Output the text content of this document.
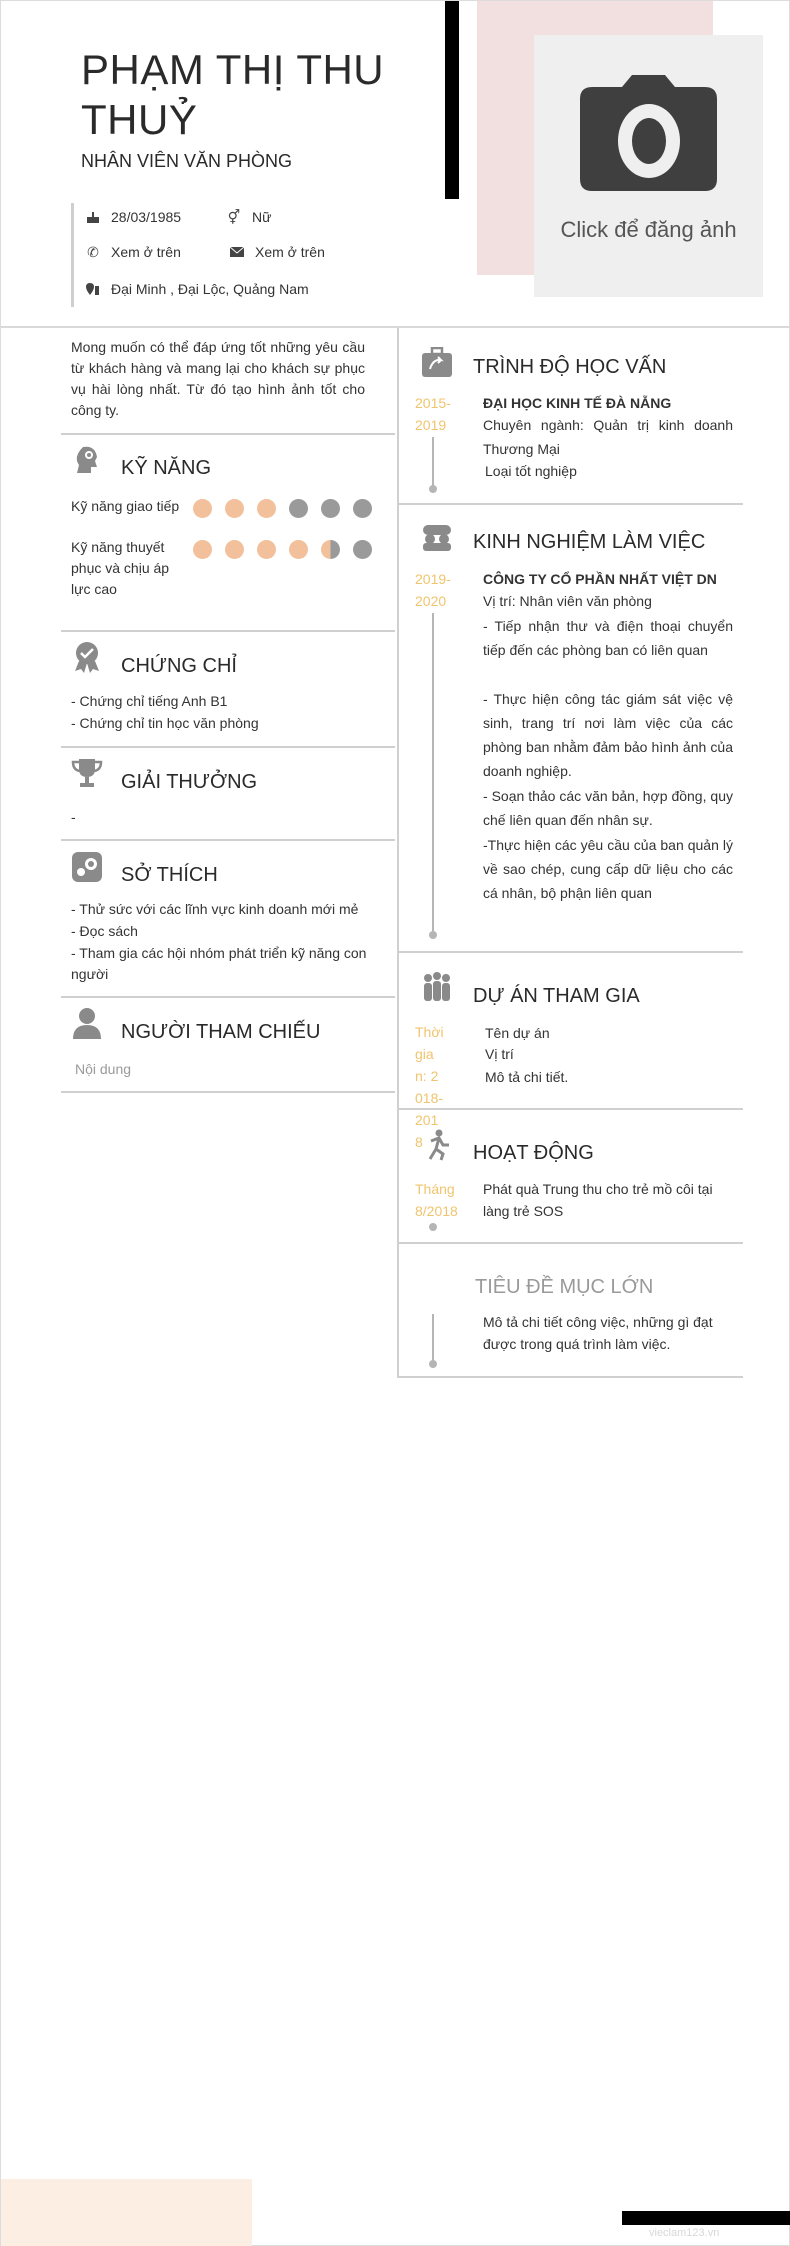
PHẠM THỊ THU THUỶ
NHÂN VIÊN VĂN PHÒNG
Click để đăng ảnh
28/03/1985	⚥ Nữ
✆ Xem ở trên	Xem ở trên
Đại Minh , Đại Lộc, Quảng Nam
Mong muốn có thể đáp ứng tốt những yêu cầu từ khách hàng và mang lại cho khách sự phục vụ hài lòng nhất. Từ đó tạo hình ảnh tốt cho công ty.
KỸ NĂNG
Kỹ năng giao tiếp
Kỹ năng thuyết phục và chịu áp lực cao
CHỨNG CHỈ
- Chứng chỉ tiếng Anh B1
- Chứng chỉ tin học văn phòng
GIẢI THƯỞNG
-
SỞ THÍCH
- Thử sức với các lĩnh vực kinh doanh mới mẻ
- Đọc sách
- Tham gia các hội nhóm phát triển kỹ năng con người
NGƯỜI THAM CHIẾU
Nội dung
TRÌNH ĐỘ HỌC VẤN
2015-2019
ĐẠI HỌC KINH TẾ ĐÀ NẴNG
Chuyên ngành: Quản trị kinh doanh Thương Mại
Loại tốt nghiệp
KINH NGHIỆM LÀM VIỆC
2019-2020
CÔNG TY CỔ PHẦN NHẤT VIỆT DN
Vị trí: Nhân viên văn phòng
- Tiếp nhận thư và điện thoại chuyển tiếp đến các phòng ban có liên quan
- Thực hiện công tác giám sát việc vệ sinh, trang trí nơi làm việc của các phòng ban nhằm đảm bảo hình ảnh của doanh nghiệp.
- Soạn thảo các văn bản, hợp đồng, quy chế liên quan đến nhân sự.
-Thực hiện các yêu cầu của ban quản lý về sao chép, cung cấp dữ liệu cho các cá nhân, bộ phận liên quan
DỰ ÁN THAM GIA
Thời gian: 2018-2018
Tên dự án
Vị trí
Mô tả chi tiết.
HOẠT ĐỘNG
Tháng 8/2018
Phát quà Trung thu cho trẻ mồ côi tại làng trẻ SOS
TIÊU ĐỀ MỤC LỚN
Mô tả chi tiết công việc, những gì đạt được trong quá trình làm việc.
vieclam123.vn
